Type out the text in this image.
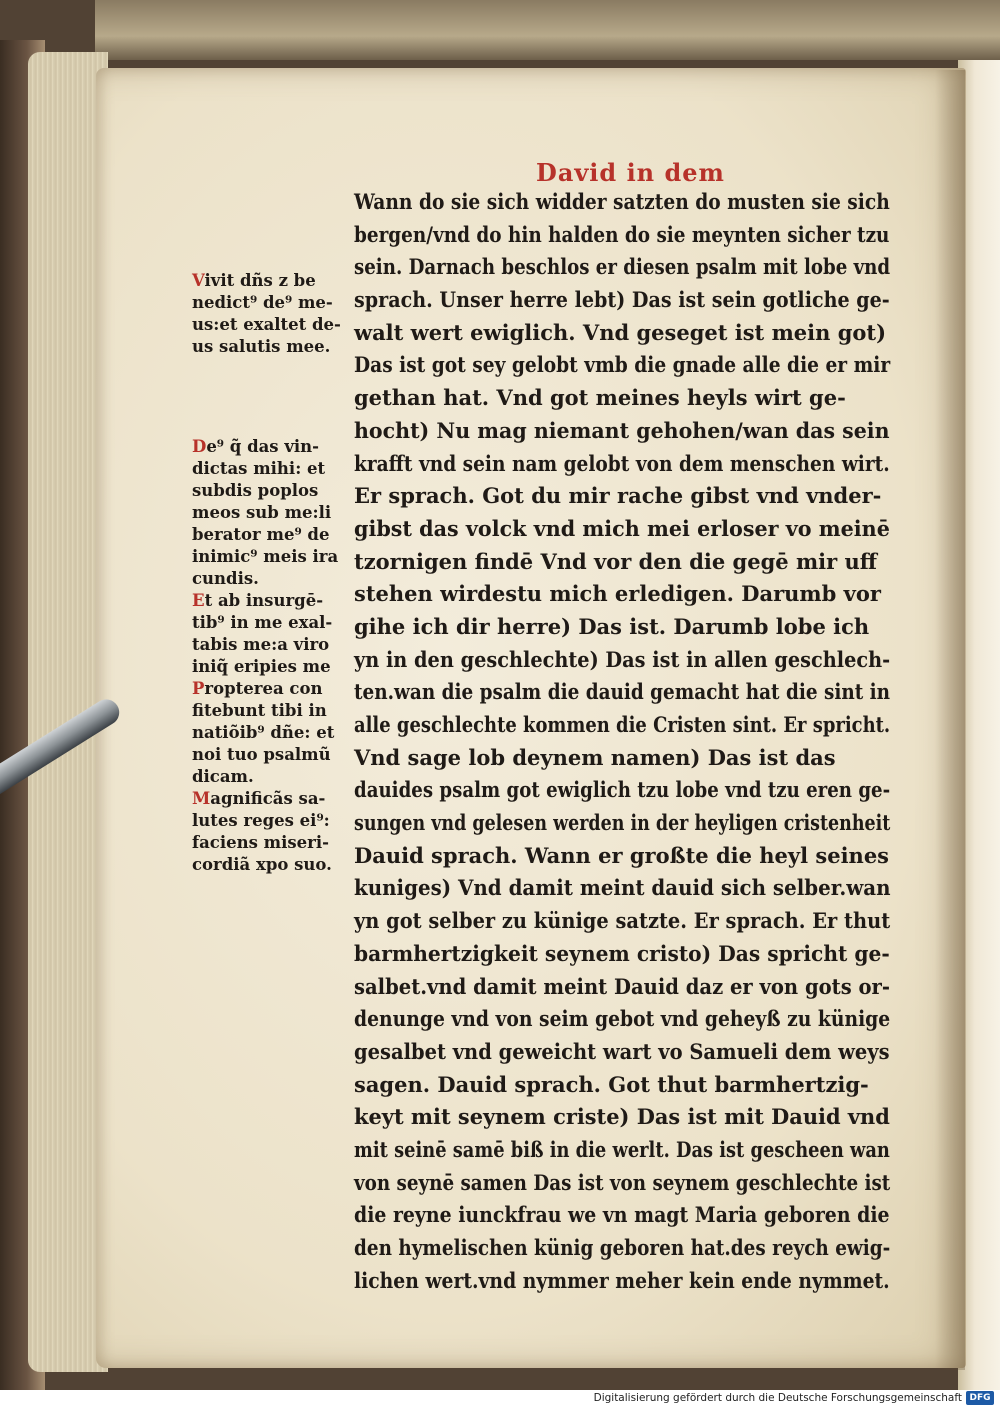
David in dem
Wann do sie sich widder satzten do musten sie sich
bergen/vnd do hin halden do sie meynten sicher tzu
sein. Darnach beschlos er diesen psalm mit lobe vnd
sprach. Unser herre lebt) Das ist sein gotliche ge-
walt wert ewiglich. Vnd geseget ist mein got)
Das ist got sey gelobt vmb die gnade alle die er mir
gethan hat. Vnd got meines heyls wirt ge-
hocht) Nu mag niemant gehohen/wan das sein
krafft vnd sein nam gelobt von dem menschen wirt.
Er sprach. Got du mir rache gibst vnd vnder-
gibst das volck vnd mich mei erloser vo meinē
tzornigen findē Vnd vor den die gegē mir uff
stehen wirdestu mich erledigen. Darumb vor
gihe ich dir herre) Das ist. Darumb lobe ich
yn in den geschlechte) Das ist in allen geschlech-
ten.wan die psalm die dauid gemacht hat die sint in
alle geschlechte kommen die Cristen sint. Er spricht.
Vnd sage lob deynem namen) Das ist das
dauides psalm got ewiglich tzu lobe vnd tzu eren ge-
sungen vnd gelesen werden in der heyligen cristenheit
Dauid sprach. Wann er großte die heyl seines
kuniges) Vnd damit meint dauid sich selber.wan
yn got selber zu künige satzte. Er sprach. Er thut
barmhertzigkeit seynem cristo) Das spricht ge-
salbet.vnd damit meint Dauid daz er von gots or-
denunge vnd von seim gebot vnd geheyß zu künige
gesalbet vnd geweicht wart vo Samueli dem weys
sagen. Dauid sprach. Got thut barmhertzig-
keyt mit seynem criste) Das ist mit Dauid vnd
mit seinē samē biß in die werlt. Das ist gescheen wan
von seynē samen Das ist von seynem geschlechte ist
die reyne iunckfrau we vn magt Maria geboren die
den hymelischen künig geboren hat.des reych ewig-
lichen wert.vnd nymmer meher kein ende nymmet.
Vivit dñs z be
nedict⁹ de⁹ me-
us:et exaltet de-
us salutis mee.
De⁹ q̃ das vin-
dictas mihi: et
subdis poplos
meos sub me:li
berator me⁹ de
inimic⁹ meis ira
cundis.
Et ab insurgē-
tib⁹ in me exal-
tabis me:a viro
iniq̃ eripies me
Propterea con
fitebunt tibi in
natiõib⁹ dñe: et
noi tuo psalmũ
dicam.
Magnificãs sa-
lutes reges ei⁹:
faciens miseri-
cordiã xpo suo.
Digitalisierung gefördert durch die Deutsche Forschungsgemeinschaft DFG
